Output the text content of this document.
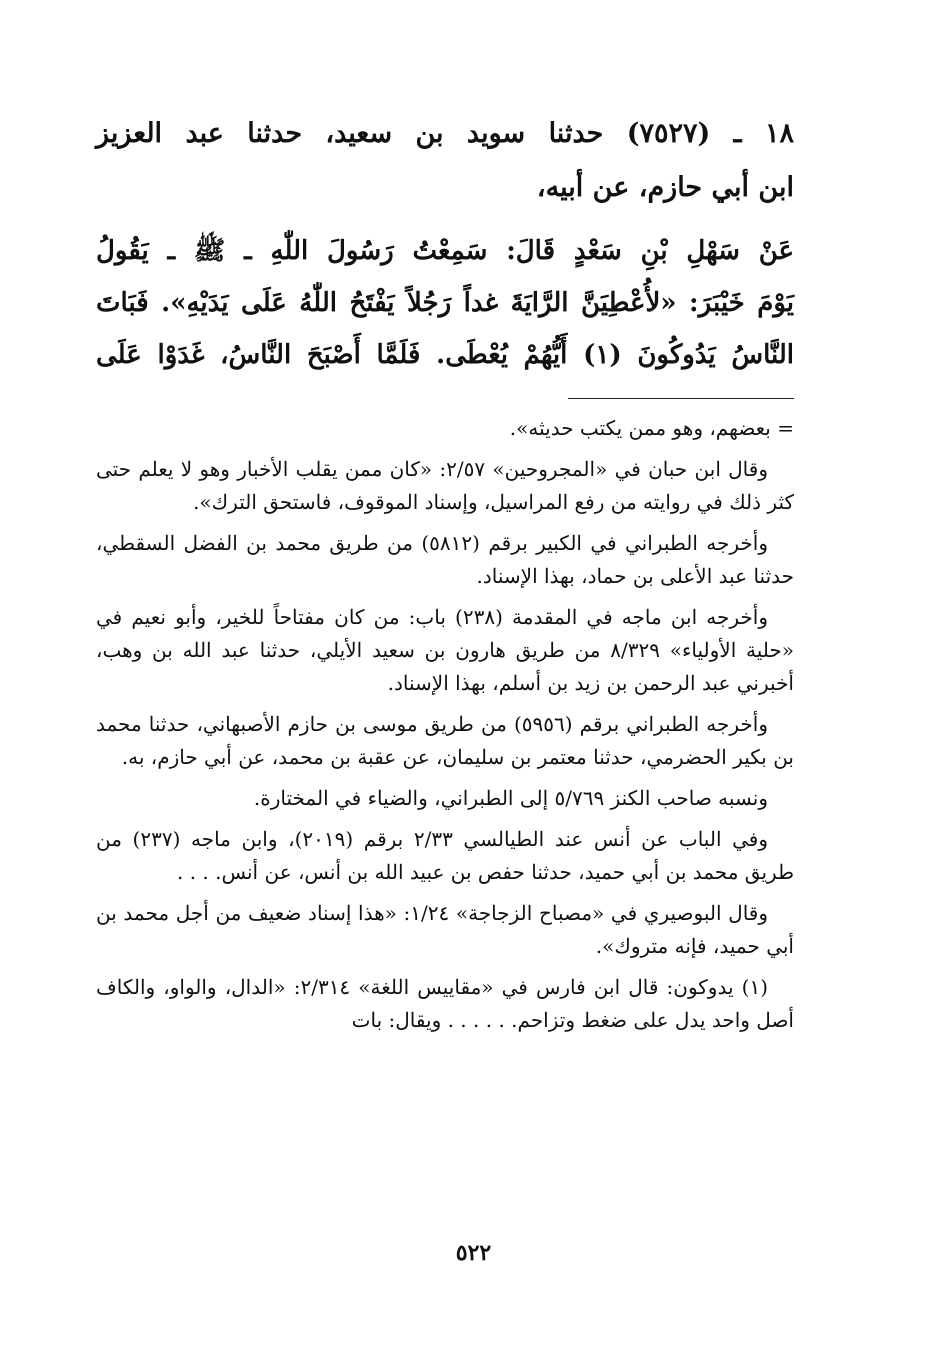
١٨ ـ (٧٥٢٧) حدثنا سويد بن سعيد، حدثنا عبد العزيز
ابن أبي حازم، عن أبيه،
عَنْ سَهْلِ بْنِ سَعْدٍ قَالَ: سَمِعْتُ رَسُولَ اللّٰهِ ـ ﷺ ـ يَقُولُ
يَوْمَ خَيْبَرَ: «لأُعْطِيَنَّ الرَّايَةَ غداً رَجُلاً يَفْتَحُ اللّٰهُ عَلَى يَدَيْهِ». فَبَاتَ
النَّاسُ يَدُوكُونَ (١) أَيُّهُمْ يُعْطَى. فَلَمَّا أَصْبَحَ النَّاسُ، غَدَوْا عَلَى

= بعضهم، وهو ممن يكتب حديثه».

وقال ابن حبان في «المجروحين» ٢/٥٧: «كان ممن يقلب الأخبار وهو لا يعلم حتى كثر ذلك في روايته من رفع المراسيل، وإسناد الموقوف، فاستحق الترك».

وأخرجه الطبراني في الكبير برقم (٥٨١٢) من طريق محمد بن الفضل السقطي، حدثنا عبد الأعلى بن حماد، بهذا الإسناد.

وأخرجه ابن ماجه في المقدمة (٢٣٨) باب: من كان مفتاحاً للخير، وأبو نعيم في «حلية الأولياء» ٨/٣٢٩ من طريق هارون بن سعيد الأيلي، حدثنا عبد الله بن وهب، أخبرني عبد الرحمن بن زيد بن أسلم، بهذا الإسناد.

وأخرجه الطبراني برقم (٥٩٥٦) من طريق موسى بن حازم الأصبهاني، حدثنا محمد بن بكير الحضرمي، حدثنا معتمر بن سليمان، عن عقبة بن محمد، عن أبي حازم، به.

ونسبه صاحب الكنز ٥/٧٦٩ إلى الطبراني، والضياء في المختارة.

وفي الباب عن أنس عند الطيالسي ٢/٣٣ برقم (٢٠١٩)، وابن ماجه (٢٣٧) من طريق محمد بن أبي حميد، حدثنا حفص بن عبيد الله بن أنس، عن أنس. . . .

وقال البوصيري في «مصباح الزجاجة» ١/٢٤: «هذا إسناد ضعيف من أجل محمد بن أبي حميد، فإنه متروك».

(١) يدوكون: قال ابن فارس في «مقاييس اللغة» ٢/٣١٤: «الدال، والواو، والكاف أصل واحد يدل على ضغط وتزاحم. . . . . . ويقال: بات

٥٢٢
